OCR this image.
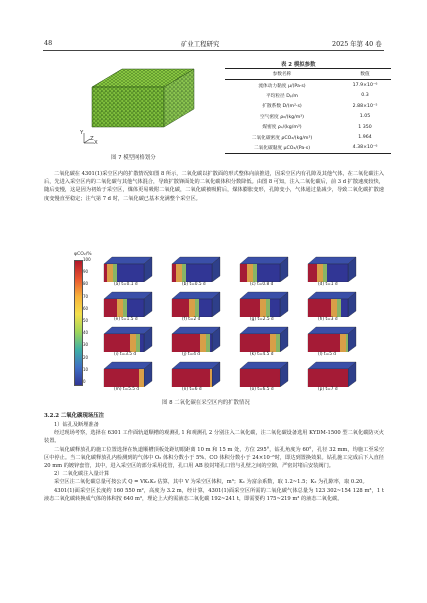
48	矿业工程研究	2025 年第 40 卷
Y
Z
X
图 7 模型网格划分
表 2 模拟参数
参数名称	数值
流体动力黏度 μ/(Pa·s)	17.9×10⁻⁶
平均粒径 Dₚ/m	0.3
扩散系数 D/(m²·s)	2.88×10⁻⁵
空气密度 ρ₀/(kg/m³)	1.05
煤密度 ρₛ/(kg/m³)	1 350
二氧化碳密度 ρCO₂/(kg/m³)	1.964
二氧化碳黏度 μCO₂/(Pa·s)	4.38×10⁻⁶

二氧化碳在 4301(1)采空区内的扩散情况如图 8 所示，二氧化碳以扩散面的形式整体向前推进，因采空区内有孔隙及其他气体，在二氧化碳注入后，先进入采空区内的二氧化碳与其他气体混合，导致扩散锋面处的二氧化碳体积分数降低。由图 8 可知，注入二氧化碳后，前 3 d 扩散速度较快，随后变慢，这是因为初始于采空区，煤体更易吸附二氧化碳，二氧化碳被吸附后，煤体膨胀变形，孔隙变小，气体通过量减少，导致二氧化碳扩散速度变慢直至稳定；注气第 7 d 时，二氧化碳已基本充满整个采空区。

φCO₂/%
100
90
80
70
60
50
40
30
20
10
0
(a) t=0.1 d	(b) t=0.5 d	(c) t=0.8 d	(d) t=1 d
(e) t=1.5 d	(f) t=2 d	(g) t=2.5 d	(h) t=3 d
(i) t=3.5 d	(j) t=4 d	(k) t=4.5 d	(l) t=5 d
(m) t=5.5 d	(n) t=6 d	(o) t=6.5 d	(p) t=7 d
图 8 二氧化碳在采空区内的扩散情况
3.2.2 二氧化碳现场压注

1）钻孔及断埋准备

经过现场考察，选择在 6301 工作面轨道顺槽的观测孔 1 和观测孔 2 分别注入二氧化碳，注二氧化碳设备选用 KYDM-1500 型二氧化碳防灭火装置。

二氧化碳释放孔的施工位置选择在轨道顺槽顶板处距切眼距离 10 m 和 15 m 处，方位 295°，钻孔角度为 60°，孔径 32 mm，均施工至采空区中停止。当二氧化碳释放孔内检测到的气体中 O₂ 体积分数小于 5%、CO 体积分数小于 24×10⁻⁶时，即达到置换效果。钻孔施工完成后下入直径 20 mm 的镀锌套管，其中，进入采空区的部分采用花管，孔口用 AB 胶封堵孔口管与孔壁之间的空隙，严密封堵后安装阀门。

2）二氧化碳注入量计算

采空区注二氧化碳总量可按公式 Q = VK₁K₂ 估算，其中 V 为采空区体积，m³；K₁ 为富余系数，取 1.2~1.5；K₂ 为孔隙率，取 0.20。

4301(1)面采空区长度约 160 550 m²，高度为 3.2 m，经计算，4301(1)面采空区所需的二氧化碳气体总量为 123 302~154 128 m³，1 t 液态二氧化碳转换成气体的体积按 640 m³，理论上大约需液态二氧化碳 192~241 t，即需要约 175~219 m³ 的液态二氧化碳。
